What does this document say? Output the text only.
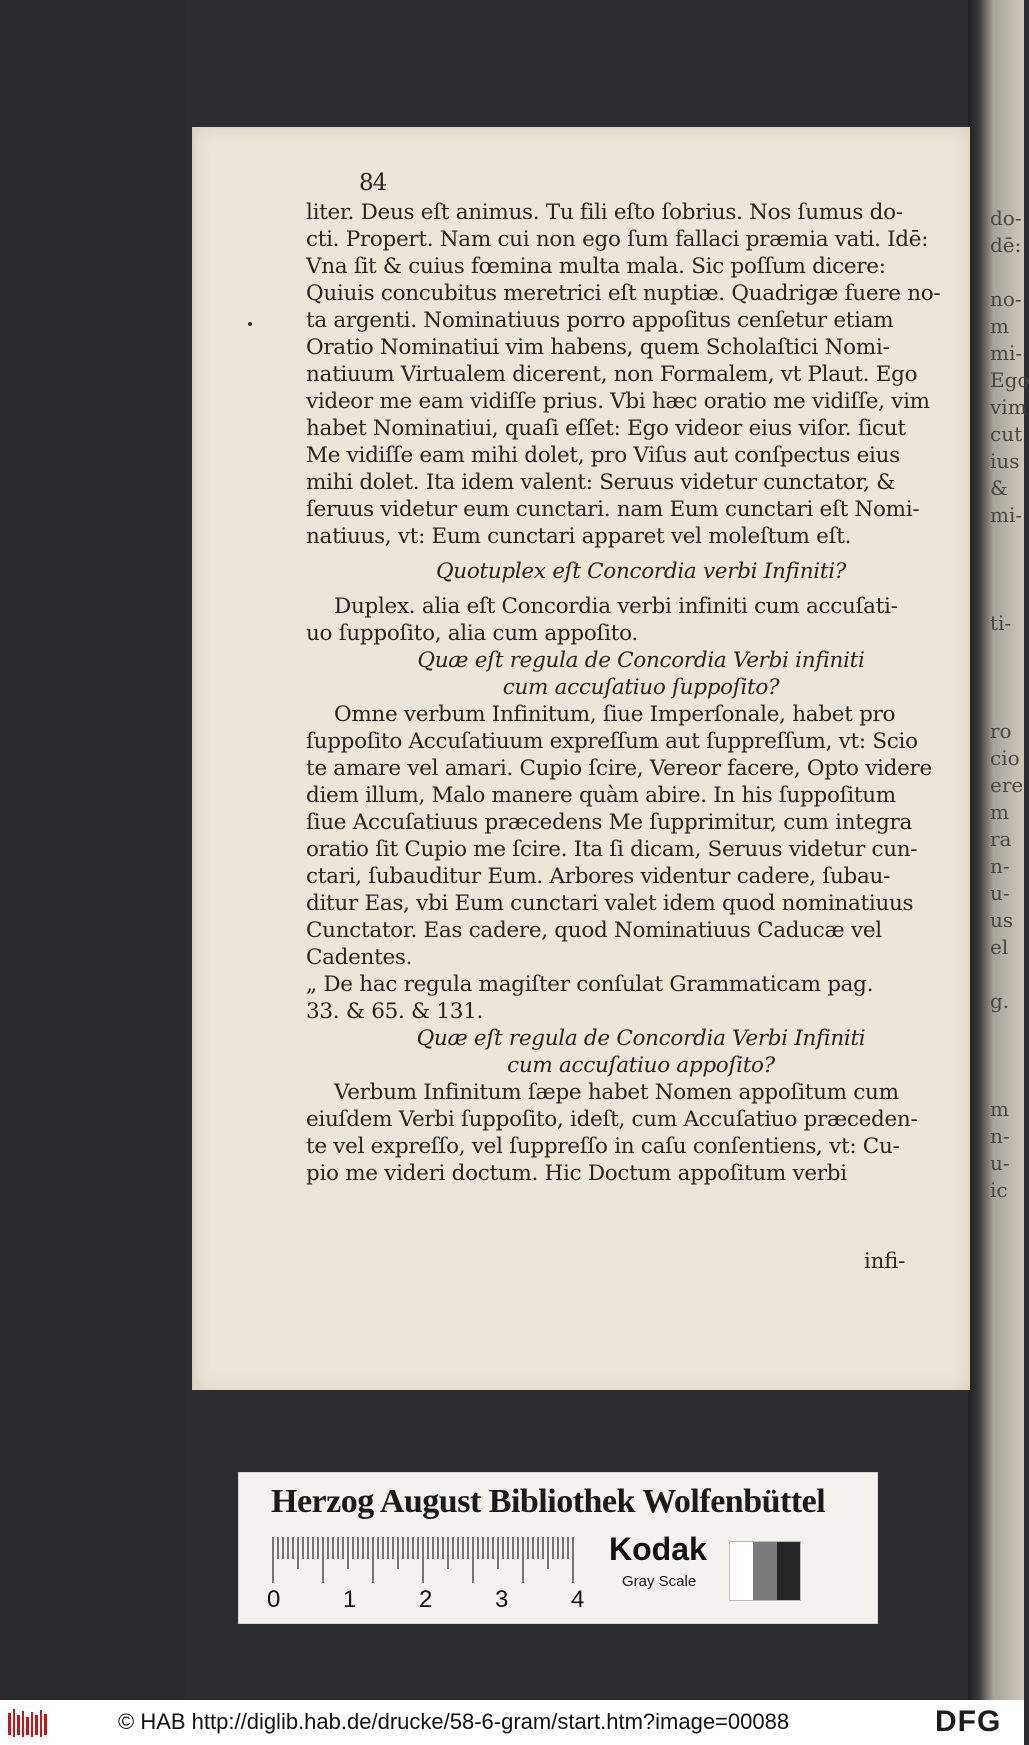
do-
dē:

no-
m
mi-
Ego
vim
cut
ius
&
mi-

ti-

ro
cio
ere
m
ra
n-
u-
us
el

g.

m
n-
u-
ic
84
liter. Deus eſt animus. Tu fili eſto ſobrius. Nos ſumus do-
cti. Propert. Nam cui non ego ſum fallaci præmia vati. Idē:
Vna ſit & cuius fœmina multa mala. Sic poſſum dicere:
Quiuis concubitus meretrici eſt nuptiæ. Quadrigæ fuere no-
ta argenti. Nominatiuus porro appoſitus cenſetur etiam
Oratio Nominatiui vim habens, quem Scholaſtici Nomi-
natiuum Virtualem dicerent, non Formalem, vt Plaut. Ego
videor me eam vidiſſe prius. Vbi hæc oratio me vidiſſe, vim
habet Nominatiui, quaſi eſſet: Ego videor eius viſor. ſicut
Me vidiſſe eam mihi dolet, pro Viſus aut conſpectus eius
mihi dolet. Ita idem valent: Seruus videtur cunctator, &
ſeruus videtur eum cunctari. nam Eum cunctari eſt Nomi-
natiuus, vt: Eum cunctari apparet vel moleſtum eſt.
Quotuplex eſt Concordia verbi Infiniti?
Duplex. alia eſt Concordia verbi infiniti cum accuſati-
uo ſuppoſito, alia cum appoſito.
Quæ eſt regula de Concordia Verbi infiniti
cum accuſatiuo ſuppoſito?
Omne verbum Infinitum, ſiue Imperſonale, habet pro
ſuppoſito Accuſatiuum expreſſum aut ſuppreſſum, vt: Scio
te amare vel amari. Cupio ſcire, Vereor facere, Opto videre
diem illum, Malo manere quàm abire. In his ſuppoſitum
ſiue Accuſatiuus præcedens Me ſupprimitur, cum integra
oratio ſit Cupio me ſcire. Ita ſi dicam, Seruus videtur cun-
ctari, ſubauditur Eum. Arbores videntur cadere, ſubau-
ditur Eas, vbi Eum cunctari valet idem quod nominatiuus
Cunctator. Eas cadere, quod Nominatiuus Caducæ vel
Cadentes.
„ De hac regula magiſter conſulat Grammaticam pag.
33. & 65. & 131.
Quæ eſt regula de Concordia Verbi Infiniti
cum accuſatiuo appoſito?
Verbum Infinitum ſæpe habet Nomen appoſitum cum
eiuſdem Verbi ſuppoſito, ideſt, cum Accuſatiuo præceden-
te vel expreſſo, vel ſuppreſſo in caſu conſentiens, vt: Cu-
pio me videri doctum. Hic Doctum appoſitum verbi
infi-
Herzog August Bibliothek Wolfenbüttel
0	1	2	3	4
Kodak
Gray Scale
© HAB http://diglib.hab.de/drucke/58-6-gram/start.htm?image=00088	DFG
